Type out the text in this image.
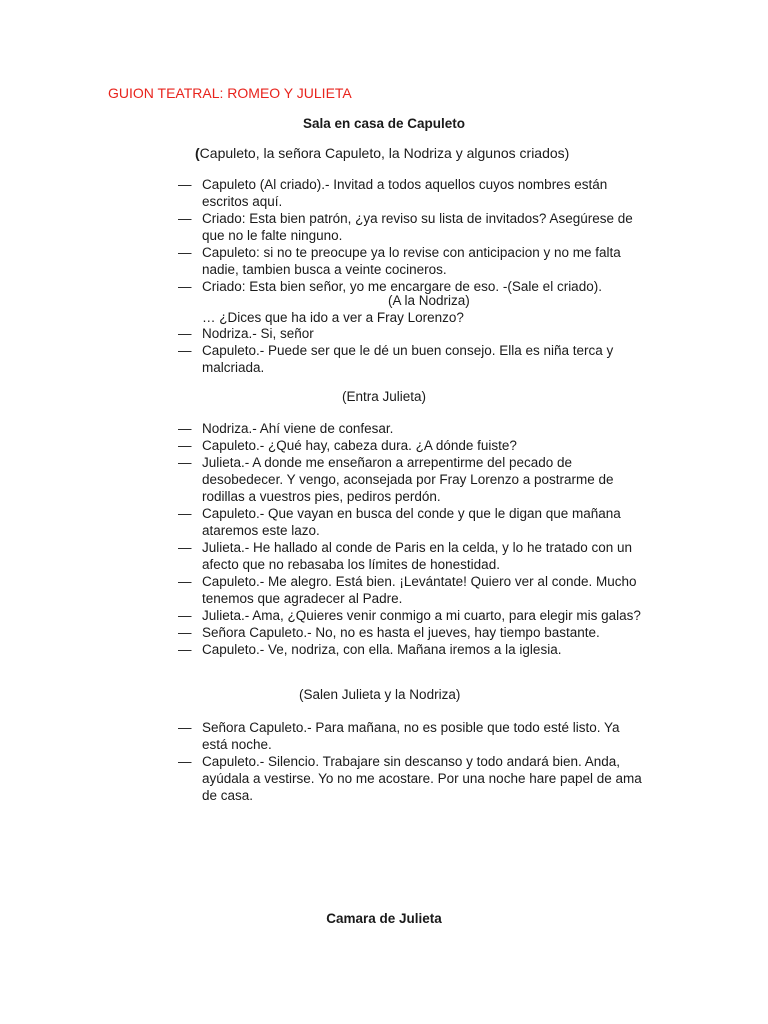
GUION TEATRAL: ROMEO Y JULIETA
Sala en casa de Capuleto
(Capuleto, la señora Capuleto, la Nodriza y algunos criados)
— Capuleto (Al criado).- Invitad a todos aquellos cuyos nombres están escritos aquí.
— Criado: Esta bien patrón, ¿ya reviso su lista de invitados? Asegúrese de que no le falte ninguno.
— Capuleto: si no te preocupe ya lo revise con anticipacion y no me falta nadie, tambien busca a veinte cocineros.
— Criado: Esta bien señor, yo me encargare de eso. -(Sale el criado).
(A la Nodriza)
… ¿Dices que ha ido a ver a Fray Lorenzo?
— Nodriza.- Si, señor
— Capuleto.- Puede ser que le dé un buen consejo. Ella es niña terca y malcriada.
(Entra Julieta)
— Nodriza.- Ahí viene de confesar.
— Capuleto.- ¿Qué hay, cabeza dura. ¿A dónde fuiste?
— Julieta.- A donde me enseñaron a arrepentirme del pecado de desobedecer. Y vengo, aconsejada por Fray Lorenzo a postrarme de rodillas a vuestros pies, pediros perdón.
— Capuleto.- Que vayan en busca del conde y que le digan que mañana ataremos este lazo.
— Julieta.- He hallado al conde de Paris en la celda, y lo he tratado con un afecto que no rebasaba los límites de honestidad.
— Capuleto.- Me alegro. Está bien. ¡Levántate! Quiero ver al conde. Mucho tenemos que agradecer al Padre.
— Julieta.- Ama, ¿Quieres venir conmigo a mi cuarto, para elegir mis galas?
— Señora Capuleto.- No, no es hasta el jueves, hay tiempo bastante.
— Capuleto.- Ve, nodriza, con ella. Mañana iremos a la iglesia.
(Salen Julieta y la Nodriza)
— Señora Capuleto.- Para mañana, no es posible que todo esté listo. Ya está noche.
— Capuleto.- Silencio. Trabajare sin descanso y todo andará bien. Anda, ayúdala a vestirse. Yo no me acostare. Por una noche hare papel de ama de casa.
Camara de Julieta
